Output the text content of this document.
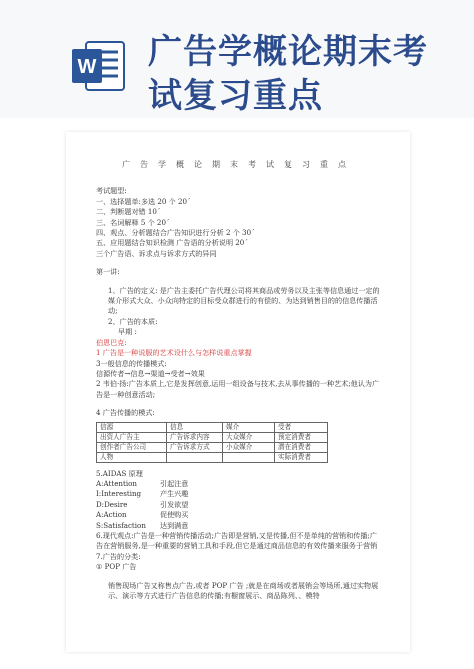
W 广告学概论期末考试复习重点
广告学概论期末考试复习重点
考试题型:
一、选择题单:多选 20 个 20ˊ
二、判断题对错 10ˊ
三、名词解释 5 个 20ˊ
四、观点、分析题结合广告知识进行分析 2 个 30ˊ
五、应用题结合知识检测 广告语的分析说明 20ˊ
三个广告语、诉求点与诉求方式的异同
第一讲:
1、广告的定义: 是广告主委托广告代理公司将其商品或劳务以及主张等信息通过一定的媒介形式大众、小众向特定的目标受众群进行的有偿的、为达到销售目的的信息传播活动;
2、广告的本质:
早期 :
伯恩巴克:
1 广告是一种说服的艺术设什么与怎样说重点掌握
3一般信息的传播模式:
信源传者→信息→渠道→受者→效果
2 韦伯·扬:广告本质上,它是发挥创意,运用一组设备与技术,去从事传播的一种艺术;他认为广告是一种创意活动;
4 广告传播的模式:
信源	信息	媒介	受者
出资人广告主	广告诉求内容	大众媒介	预定消费者
创作者广告公司	广告诉求方式	小众媒介	潜在消费者
人物			实际消费者
5.AIDAS 原理
A:Attention	引起注意
I:Interesting	产生兴趣
D:Desire	引发欲望
A:Action	促使购买
S:Satisfaction	达到满意
6.现代观点:广告是一种营销传播活动;广告即是营销,又是传播,但不是单纯的营销和传播;广告在营销服务,是一种重要的营销工具和手段,但它是通过商品信息的有效传播来服务于营销
7.广告的分类:
① POP 广告
销售现场广告又称售点广告,或者 POP 广告 ;就是在商场或者展销会等场所,通过实物展示、演示等方式进行广告信息的传播;有橱窗展示、商品陈列、、模特
